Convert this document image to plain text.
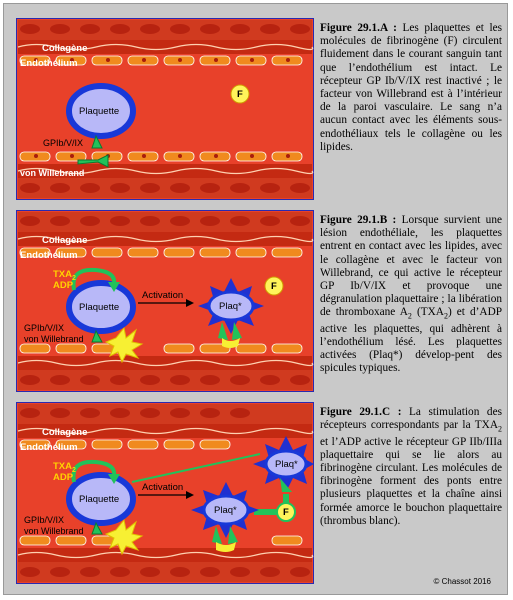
Collagène
Endothélium
Plaquette
F
GPIb/V/IX
von Willebrand
Figure 29.1.A : Les plaquettes et les molécules de fibrinogène (F) circulent fluidement dans le courant sanguin tant que l’endothélium est intact. Le récepteur GP Ib/V/IX rest inactivé ; le facteur von Willebrand est à l’intérieur de la paroi vasculaire. Le sang n’a aucun contact avec les éléments sous-endothéliaux tels le collagène ou les lipides.
Collagène
Endothélium
$TXA_2$
ADP
Plaquette
Activation
Plaq*
F
GPIb/V/IX
von Willebrand
Figure 29.1.B : Lorsque survient une lésion endothéliale, les plaquettes entrent en contact avec les lipides, avec le collagène et avec le facteur von Willebrand, ce qui active le récepteur GP Ib/V/IX et provoque une dégranulation plaquettaire ; la libération de thromboxane $A_2$ $(TXA_2)$ et d’ADP active les plaquettes, qui adhèrent à l’endothélium lésé. Les plaquettes activées (Plaq*) dévelop-pent des spicules typiques.
Collagène
Endothélium
$TXA_2$
ADP
Plaquette
Activation
Plaq*
Plaq*
F
GPIb/V/IX
von Willebrand
Figure 29.1.C : La stimulation des récepteurs correspondants par la $TXA_2$ et l’ADP active le récepteur GP IIb/IIIa plaquettaire qui se lie alors au fibrinogène circulant. Les molécules de fibrinogène forment des ponts entre plusieurs plaquettes et la chaîne ainsi formée amorce le bouchon plaquettaire (thrombus blanc).
© Chassot 2016
